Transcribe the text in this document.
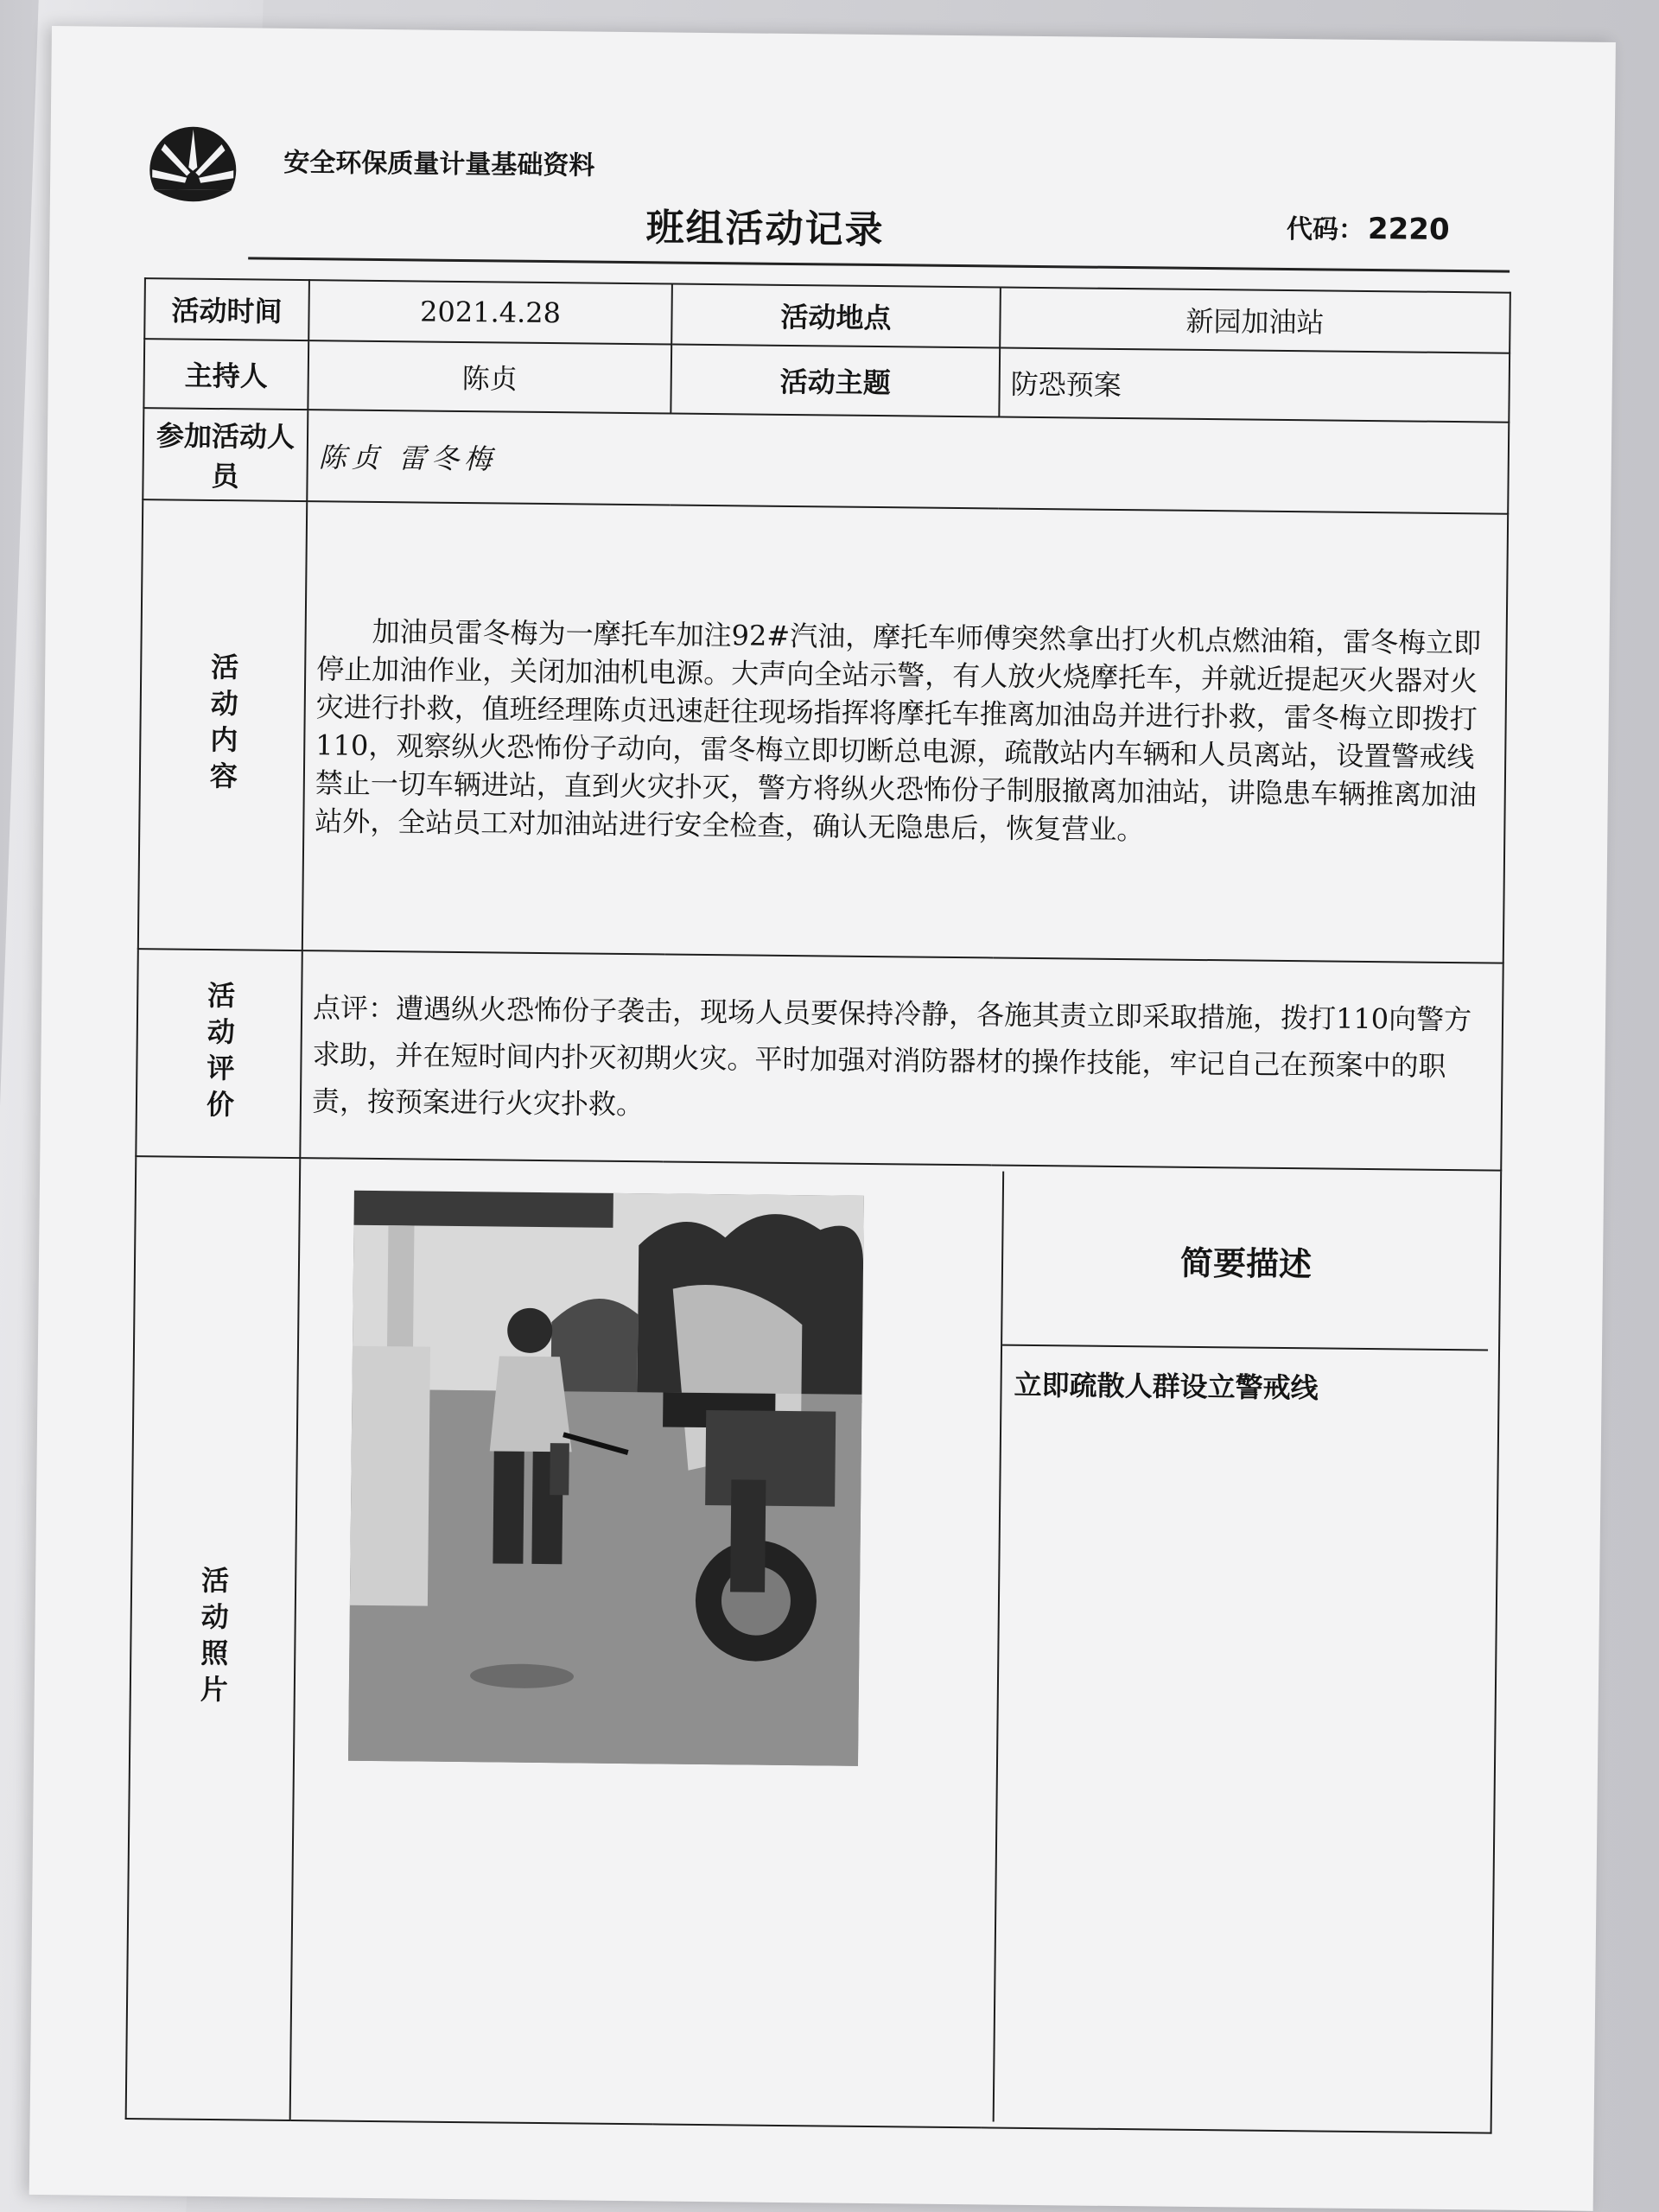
安全环保质量计量基础资料
班组活动记录	代码： 2220
活动时间	2021.4.28	活动地点	新园加油站
主持人	陈贞	活动主题	防恐预案
参加活动人员	陈贞 雷冬梅		

活动内容	加油员雷冬梅为一摩托车加注92#汽油，摩托车师傅突然拿出打火机点燃油箱，雷冬梅立即停止加油作业，关闭加油机电源。大声向全站示警，有人放火烧摩托车，并就近提起灭火器对火灾进行扑救，值班经理陈贞迅速赶往现场指挥将摩托车推离加油岛并进行扑救，雷冬梅立即拨打110，观察纵火恐怖份子动向，雷冬梅立即切断总电源，疏散站内车辆和人员离站，设置警戒线禁止一切车辆进站，直到火灾扑灭，警方将纵火恐怖份子制服撤离加油站，讲隐患车辆推离加油站外，全站员工对加油站进行安全检查，确认无隐患后，恢复营业。		

活动评价	点评：遭遇纵火恐怖份子袭击，现场人员要保持冷静，各施其责立即采取措施，拨打110向警方求助，并在短时间内扑灭初期火灾。平时加强对消防器材的操作技能，牢记自己在预案中的职责，按预案进行火灾扑救。		

活动照片	简要描述
立即疏散人群设立警戒线		
